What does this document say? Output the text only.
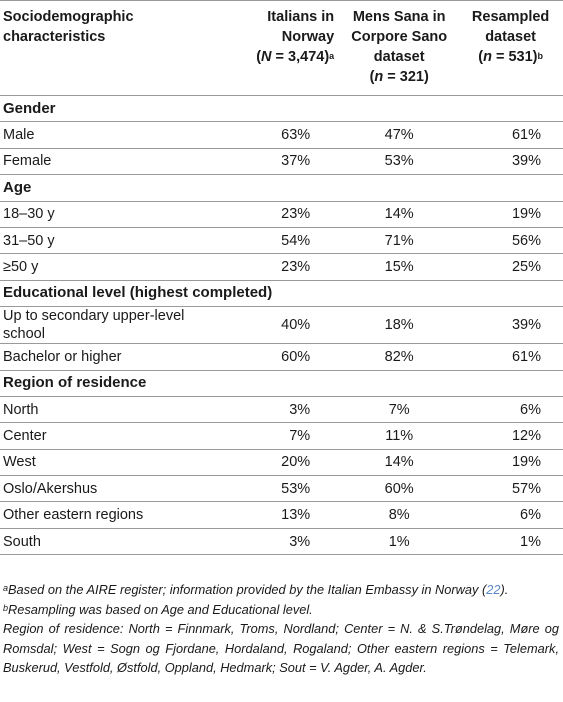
Sociodemographic
characteristics	Italians in
Norway
(N = 3,474)$^a$	Mens Sana in
Corpore Sano
dataset
(n = 321)	Resampled
dataset
(n = 531)$^b$
Gender			
Male	63%	47%	61%
Female	37%	53%	39%
Age			
18–30 y	23%	14%	19%
31–50 y	54%	71%	56%
≥50 y	23%	15%	25%
Educational level (highest completed)			
Up to secondary upper-level school	40%	18%	39%
Bachelor or higher	60%	82%	61%
Region of residence			
North	3%	7%	6%
Center	7%	11%	12%
West	20%	14%	19%
Oslo/Akershus	53%	60%	57%
Other eastern regions	13%	8%	6%
South	3%	1%	1%

$^a$Based on the AIRE register; information provided by the Italian Embassy in Norway (22).

$^b$Resampling was based on Age and Educational level.

Region of residence: North = Finnmark, Troms, Nordland; Center = N. & S.Trøndelag, Møre og Romsdal; West = Sogn og Fjordane, Hordaland, Rogaland; Other eastern regions = Telemark, Buskerud, Vestfold, Østfold, Oppland, Hedmark; Sout = V. Agder, A. Agder.
